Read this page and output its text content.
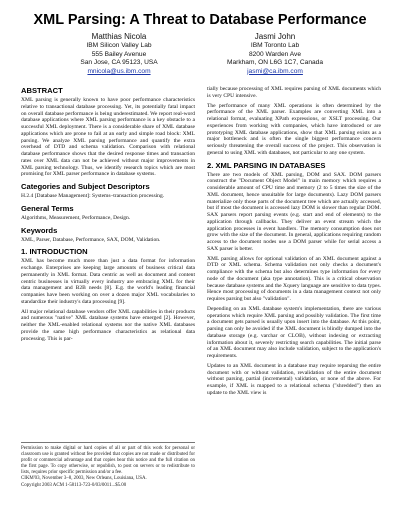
XML Parsing: A Threat to Database Performance
Matthias Nicola
IBM Silicon Valley Lab
555 Bailey Avenue
San Jose, CA 95123, USA
mnicola@us.ibm.com
Jasmi John
IBM Toronto Lab
8200 Warden Ave
Markham, ON L6G 1C7, Canada
jasmi@ca.ibm.com
ABSTRACT

XML parsing is generally known to have poor performance characteristics relative to transactional database processing. Yet, its potentially fatal impact on overall database performance is being underestimated. We report real-word database applications where XML parsing performance is a key obstacle to a successful XML deployment. There is a considerable share of XML database applications which are prone to fail at an early and simple road block: XML parsing. We analyze XML parsing performance and quantify the extra overhead of DTD and schema validation. Comparison with relational database performance shows that the desired response times and transaction rates over XML data can not be achieved without major improvements in XML parsing technology. Thus, we identify research topics which are most promising for XML parser performance in database systems.

Categories and Subject Descriptors

H.2.4 [Database Management]: Systems–transaction processing.

General Terms

Algorithms, Measurement, Performance, Design.

Keywords

XML, Parser, Database, Performance, SAX, DOM, Validation.

1. INTRODUCTION

XML has become much more than just a data format for information exchange. Enterprises are keeping large amounts of business critical data permanently in XML format. Data centric as well as document and content centric businesses in virtually every industry are embracing XML for their data management and B2B needs [8]. E.g. the world's leading financial companies have been working on over a dozen major XML vocabularies to standardize their industry's data processing [9].

All major relational database vendors offer XML capabilities in their products and numerous "native" XML database systems have emerged [2]. However, neither the XML-enabled relational systems nor the native XML databases provide the same high performance characteristics as relational data processing. This is par-

Permission to make digital or hard copies of all or part of this work for personal or classroom use is granted without fee provided that copies are not made or distributed for profit or commercial advantage and that copies bear this notice and the full citation on the first page. To copy otherwise, or republish, to post on servers or to redistribute to lists, requires prior specific permission and/or a fee.
CIKM'03, November 3–8, 2003, New Orleans, Louisiana, USA.
Copyright 2003 ACM 1-58113-723-0/03/0011...$5.00

tially because processing of XML requires parsing of XML documents which is very CPU intensive.

The performance of many XML operations is often determined by the performance of the XML parser. Examples are converting XML into a relational format, evaluating XPath expressions, or XSLT processing. Our experiences from working with companies, which have introduced or are prototyping XML database applications, show that XML parsing exists as a major bottleneck and is often the single biggest performance concern seriously threatening the overall success of the project. This observation is general to using XML with databases, not particular to any one system.

2. XML PARSING IN DATABASES

There are two models of XML parsing, DOM and SAX. DOM parsers construct the "Document Object Model" in main memory which requires a considerable amount of CPU time and memory (2 to 5 times the size of the XML document, hence unsuitable for large documents). Lazy DOM parsers materialize only those parts of the document tree which are actually accessed, but if most the document is accessed lazy DOM is slower than regular DOM. SAX parsers report parsing events (e.g. start and end of elements) to the application through callbacks. They deliver an event stream which the application processes in event handlers. The memory consumption does not grow with the size of the document. In general, applications requiring random access to the document nodes use a DOM parser while for serial access a SAX parser is better.

XML parsing allows for optional validation of an XML document against a DTD or XML schema. Schema validation not only checks a document's compliance with the schema but also determines type information for every node of the document (aka type annotation). This is a critical observation because database systems and the Xquery language are sensitive to data types. Hence most processing of documents in a data management context not only requires parsing but also "validation".

Depending on an XML database system's implementation, there are various operations which require XML parsing and possibly validation. The first time a document gets parsed is usually upon insert into the database. At this point, parsing can only be avoided if the XML document is blindly dumped into the database storage (e.g. varchar or CLOB), without indexing or extracting information about it, severely restricting search capabilities. The initial parse of an XML document may also include validation, subject to the application's requirements.

Updates to an XML document in a database may require reparsing the entire document with or without validation, revalidation of the entire document without parsing, partial (incremental) validation, or none of the above. For example, if XML is mapped to a relational schema ("shredded") then an update to the XML view is
